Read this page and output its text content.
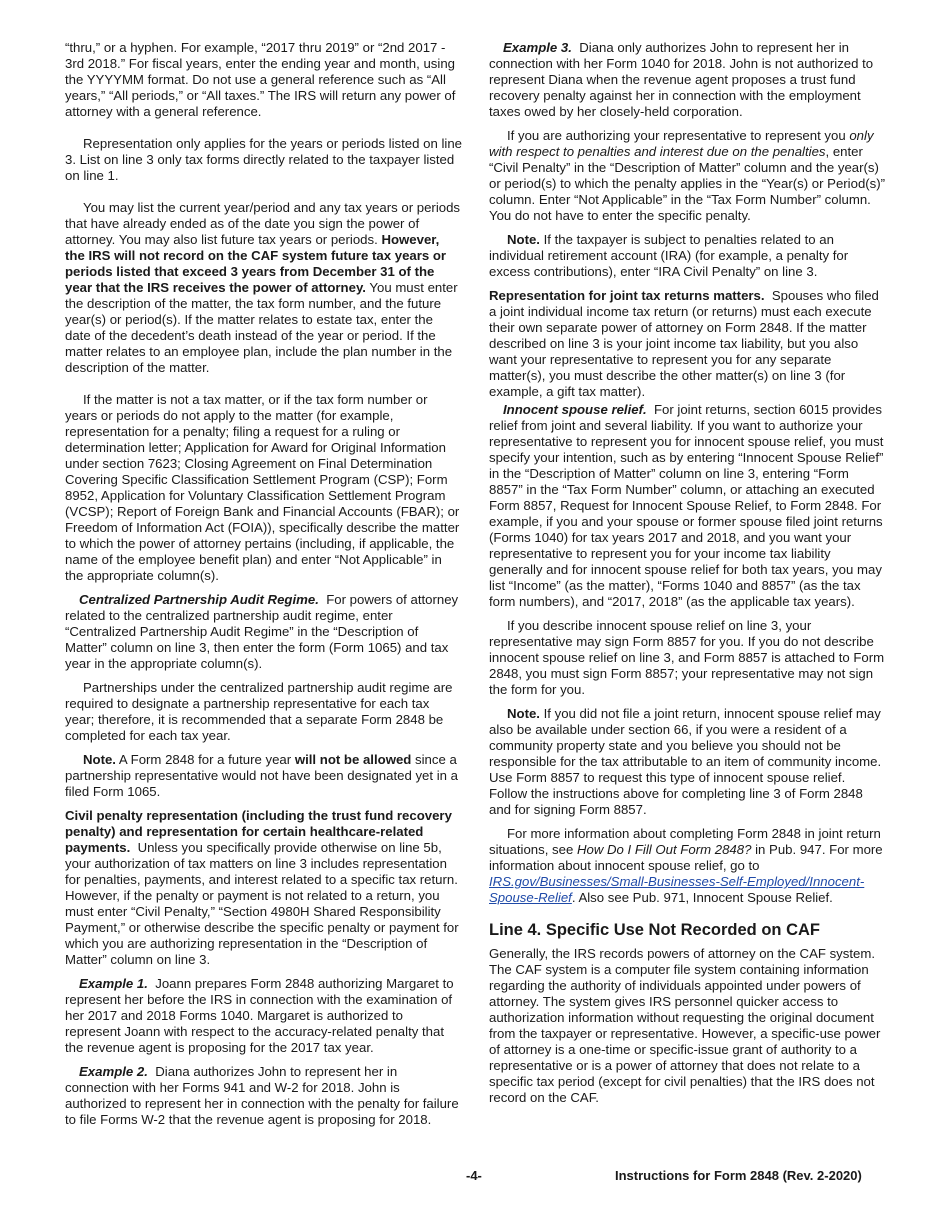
“thru,” or a hyphen. For example, “2017 thru 2019” or “2nd 2017 - 3rd 2018.” For fiscal years, enter the ending year and month, using the YYYYMM format. Do not use a general reference such as “All years,” “All periods,” or “All taxes.” The IRS will return any power of attorney with a general reference.

Representation only applies for the years or periods listed on line 3. List on line 3 only tax forms directly related to the taxpayer listed on line 1.

You may list the current year/period and any tax years or periods that have already ended as of the date you sign the power of attorney. You may also list future tax years or periods. However, the IRS will not record on the CAF system future tax years or periods listed that exceed 3 years from December 31 of the year that the IRS receives the power of attorney. You must enter the description of the matter, the tax form number, and the future year(s) or period(s). If the matter relates to estate tax, enter the date of the decedent’s death instead of the year or period. If the matter relates to an employee plan, include the plan number in the description of the matter.

If the matter is not a tax matter, or if the tax form number or years or periods do not apply to the matter (for example, representation for a penalty; filing a request for a ruling or determination letter; Application for Award for Original Information under section 7623; Closing Agreement on Final Determination Covering Specific Classification Settlement Program (CSP); Form 8952, Application for Voluntary Classification Settlement Program (VCSP); Report of Foreign Bank and Financial Accounts (FBAR); or Freedom of Information Act (FOIA)), specifically describe the matter to which the power of attorney pertains (including, if applicable, the name of the employee benefit plan) and enter “Not Applicable” in the appropriate column(s).

Centralized Partnership Audit Regime. For powers of attorney related to the centralized partnership audit regime, enter “Centralized Partnership Audit Regime” in the “Description of Matter” column on line 3, then enter the form (Form 1065) and tax year in the appropriate column(s).

Partnerships under the centralized partnership audit regime are required to designate a partnership representative for each tax year; therefore, it is recommended that a separate Form 2848 be completed for each tax year.

Note. A Form 2848 for a future year will not be allowed since a partnership representative would not have been designated yet in a filed Form 1065.

Civil penalty representation (including the trust fund recovery penalty) and representation for certain healthcare-related payments. Unless you specifically provide otherwise on line 5b, your authorization of tax matters on line 3 includes representation for penalties, payments, and interest related to a specific tax return. However, if the penalty or payment is not related to a return, you must enter “Civil Penalty,” “Section 4980H Shared Responsibility Payment,” or otherwise describe the specific penalty or payment for which you are authorizing representation in the “Description of Matter” column on line 3.

Example 1. Joann prepares Form 2848 authorizing Margaret to represent her before the IRS in connection with the examination of her 2017 and 2018 Forms 1040. Margaret is authorized to represent Joann with respect to the accuracy-related penalty that the revenue agent is proposing for the 2017 tax year.

Example 2. Diana authorizes John to represent her in connection with her Forms 941 and W-2 for 2018. John is authorized to represent her in connection with the penalty for failure to file Forms W-2 that the revenue agent is proposing for 2018.

Example 3. Diana only authorizes John to represent her in connection with her Form 1040 for 2018. John is not authorized to represent Diana when the revenue agent proposes a trust fund recovery penalty against her in connection with the employment taxes owed by her closely-held corporation.

If you are authorizing your representative to represent you only with respect to penalties and interest due on the penalties, enter “Civil Penalty” in the “Description of Matter” column and the year(s) or period(s) to which the penalty applies in the “Year(s) or Period(s)” column. Enter “Not Applicable” in the “Tax Form Number” column. You do not have to enter the specific penalty.

Note. If the taxpayer is subject to penalties related to an individual retirement account (IRA) (for example, a penalty for excess contributions), enter “IRA Civil Penalty” on line 3.

Representation for joint tax returns matters. Spouses who filed a joint individual income tax return (or returns) must each execute their own separate power of attorney on Form 2848. If the matter described on line 3 is your joint income tax liability, but you also want your representative to represent you for any separate matter(s), you must describe the other matter(s) on line 3 (for example, a gift tax matter).

Innocent spouse relief. For joint returns, section 6015 provides relief from joint and several liability. If you want to authorize your representative to represent you for innocent spouse relief, you must specify your intention, such as by entering “Innocent Spouse Relief” in the “Description of Matter” column on line 3, entering “Form 8857” in the “Tax Form Number” column, or attaching an executed Form 8857, Request for Innocent Spouse Relief, to Form 2848. For example, if you and your spouse or former spouse filed joint returns (Forms 1040) for tax years 2017 and 2018, and you want your representative to represent you for your income tax liability generally and for innocent spouse relief for both tax years, you may list “Income” (as the matter), “Forms 1040 and 8857” (as the tax form numbers), and “2017, 2018” (as the applicable tax years).

If you describe innocent spouse relief on line 3, your representative may sign Form 8857 for you. If you do not describe innocent spouse relief on line 3, and Form 8857 is attached to Form 2848, you must sign Form 8857; your representative may not sign the form for you.

Note. If you did not file a joint return, innocent spouse relief may also be available under section 66, if you were a resident of a community property state and you believe you should not be responsible for the tax attributable to an item of community income. Use Form 8857 to request this type of innocent spouse relief. Follow the instructions above for completing line 3 of Form 2848 and for signing Form 8857.

For more information about completing Form 2848 in joint return situations, see How Do I Fill Out Form 2848? in Pub. 947. For more information about innocent spouse relief, go to IRS.gov/Businesses/Small-Businesses-Self-Employed/Innocent-Spouse-Relief. Also see Pub. 971, Innocent Spouse Relief.

Line 4. Specific Use Not Recorded on CAF

Generally, the IRS records powers of attorney on the CAF system. The CAF system is a computer file system containing information regarding the authority of individuals appointed under powers of attorney. The system gives IRS personnel quicker access to authorization information without requesting the original document from the taxpayer or representative. However, a specific-use power of attorney is a one-time or specific-issue grant of authority to a representative or is a power of attorney that does not relate to a specific tax period (except for civil penalties) that the IRS does not record on the CAF.

-4-	Instructions for Form 2848 (Rev. 2-2020)
